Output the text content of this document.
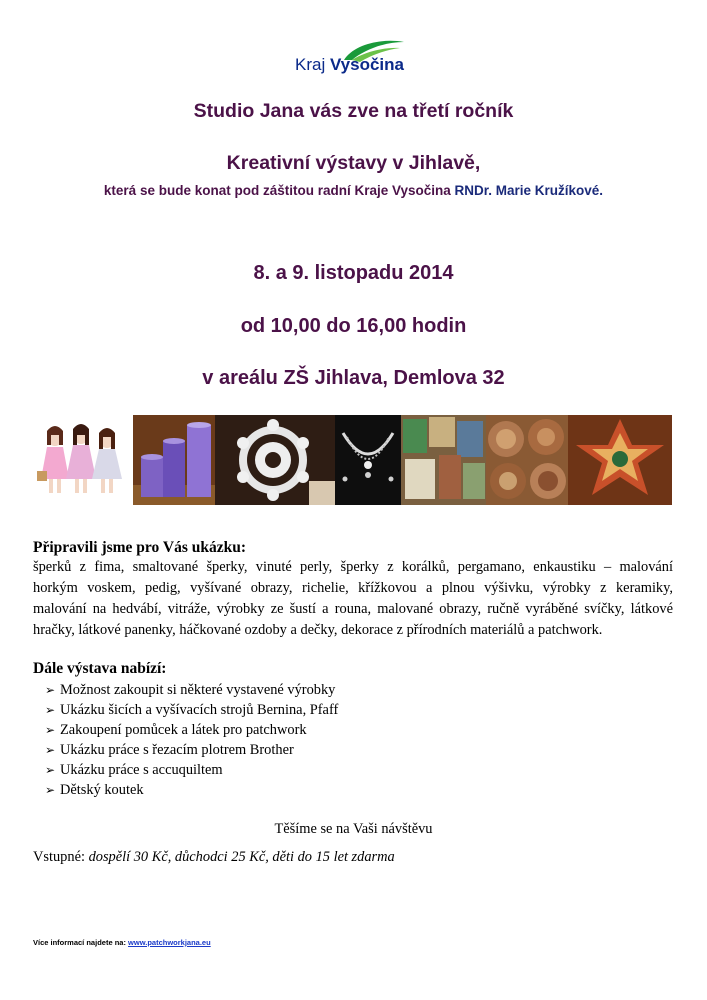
Kraj Vysočina
Studio Jana vás zve na třetí ročník
Kreativní výstavy v Jihlavě,
která se bude konat pod záštitou radní Kraje Vysočina RNDr. Marie Kružíkové.
8. a 9. listopadu 2014
od 10,00 do 16,00 hodin
v areálu ZŠ Jihlava, Demlova 32
Připravili jsme pro Vás ukázku:
šperků z fima, smaltované šperky, vinuté perly, šperky z korálků, pergamano, enkaustiku – malování
horkým voskem, pedig, vyšívané obrazy, richelie, křížkovou a plnou výšivku, výrobky z keramiky,
malování na hedvábí, vitráže, výrobky ze šustí a rouna, malované obrazy, ručně vyráběné svíčky, látkové
hračky, látkové panenky, háčkované ozdoby a dečky, dekorace z přírodních materiálů a patchwork.
Dále výstava nabízí:
➢ Možnost zakoupit si některé vystavené výrobky
➢ Ukázku šicích a vyšívacích strojů Bernina, Pfaff
➢ Zakoupení pomůcek a látek pro patchwork
➢ Ukázku práce s řezacím plotrem Brother
➢ Ukázku práce s accuquiltem
➢ Dětský koutek
Těšíme se na Vaši návštěvu
Vstupné: dospělí 30 Kč, důchodci 25 Kč, děti do 15 let zdarma
Více informací najdete na: www.patchworkjana.eu
